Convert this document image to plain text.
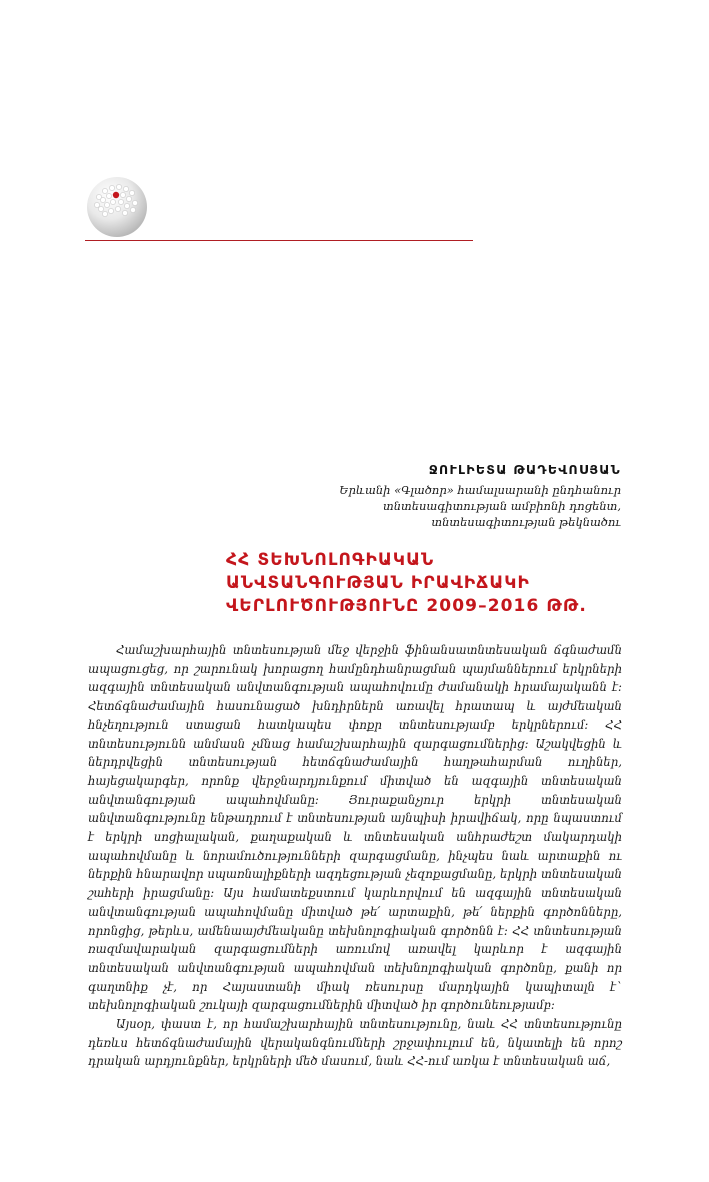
ՋՈՒԼԻԵՏԱ ԹԱԴԵՎՈՍՅԱՆ

Երևանի «Գլածոր» համալսարանի ընդհանուր

տնտեսագիտության ամբիոնի դոցենտ,

տնտեսագիտության թեկնածու

ՀՀ ՏԵԽՆՈԼՈԳԻԱԿԱՆ
ԱՆՎՏԱՆԳՈՒԹՅԱՆ ԻՐԱՎԻՃԱԿԻ
ՎԵՐԼՈՒԾՈՒԹՅՈՒՆԸ 2009–2016 ԹԹ.

Համաշխարհային տնտեսության մեջ վերջին ֆինանսատնտեսական ճգնաժամն ապացուցեց, որ շարունակ խորացող համընդհանրացման պայմաններում երկրների ազգային տնտեսական անվտանգության ապահովումը ժամանակի հրամայականն է: Հետճգնաժամային հասունացած խնդիրներն առավել հրատապ և այժմեական հնչեղություն ստացան հատկապես փոքր տնտեսությամբ երկրներում: ՀՀ տնտեսությունն անմասն չմնաց համաշխարհային զարգացումներից: Աշակվեցին և ներդրվեցին տնտեսության հետճգնաժամային հաղթահարման ուղիներ, հայեցակարգեր, որոնք վերջնարդյունքում միտված են ազգային տնտեսական անվտանգության ապահովմանը: Յուրաքանչյուր երկրի տնտեսական անվտանգությունը ենթադրում է տնտեսության այնպիսի իրավիճակ, որը նպաստում է երկրի սոցիալական, քաղաքական և տնտեսական անհրաժեշտ մակարդակի ապահովմանը և նորամուծությունների զարգացմանը, ինչպես նաև արտաքին ու ներքին հնարավոր սպառնալիքների ազդեցության չեզոքացմանը, երկրի տնտեսական շահերի իրացմանը: Այս համատեքստում կարևորվում են ազգային տնտեսական անվտանգության ապահովմանը միտված թե՛ արտաքին, թե՛ ներքին գործոնները, որոնցից, թերևս, ամենաայժմեականը տեխնոլոգիական գործոնն է: ՀՀ տնտեսության ռազմավարական զարգացումների առումով առավել կարևոր է ազգային տնտեսական անվտանգության ապահովման տեխնոլոգիական գործոնը, քանի որ գաղտնիք չէ, որ Հայաստանի միակ ռեսուրսը մարդկային կապիտալն է` տեխնոլոգիական շուկայի զարգացումներին միտված իր գործունեությամբ:

Այսօր, փաստ է, որ համաշխարհային տնտեսությունը, նաև ՀՀ տնտեսությունը դեռևս հետճգնաժամային վերականգնումների շրջափուլում են, նկատելի են որոշ դրական արդյունքներ, երկրների մեծ մասում, նաև ՀՀ-ում առկա է տնտեսական աճ,
